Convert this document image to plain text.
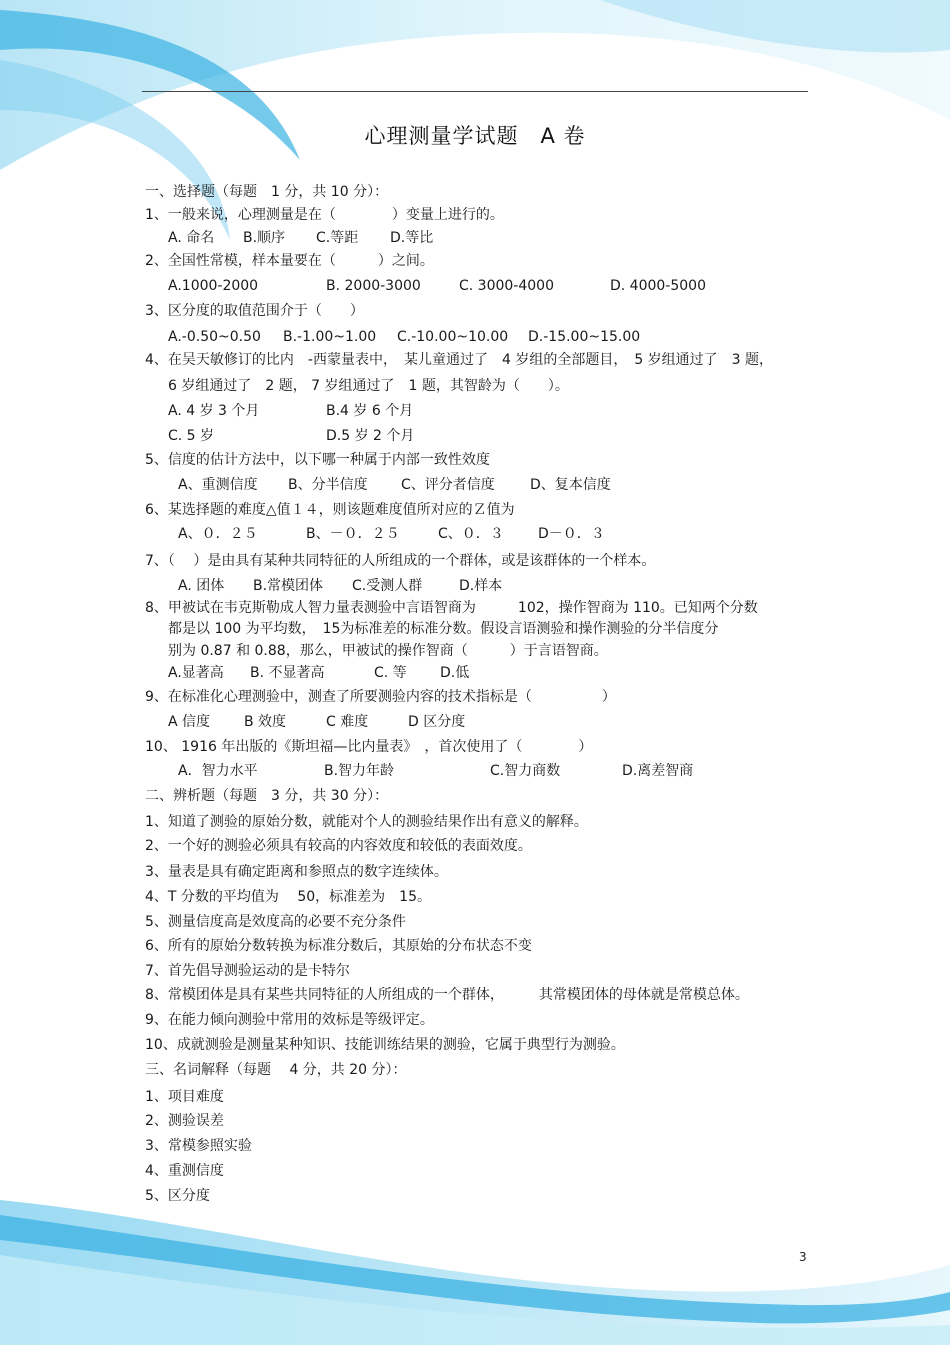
心理测量学试题　A 卷
一、选择题（每题　1 分，共 10 分）：
1、一般来说，心理测量是在（　　　　）变量上进行的。
A. 命名 B.顺序 C.等距 D.等比
2、全国性常模，样本量要在（　　　）之间。
A.1000-2000	B. 2000-3000	C. 3000-4000	D. 4000-5000
3、区分度的取值范围介于（　　）
A.-0.50~0.50 B.-1.00~1.00 C.-10.00~10.00 D.-15.00~15.00
4、在吴天敏修订的比内　-西蒙量表中，　某儿童通过了　4 岁组的全部题目，　5 岁组通过了　3 题，
6 岁组通过了　2 题， 7 岁组通过了　1 题，其智龄为（　　）。
A. 4 岁 3 个月	B.4 岁 6 个月
C. 5 岁	D.5 岁 2 个月
5、信度的估计方法中，以下哪一种属于内部一致性效度
A、重测信度 B、分半信度 C、评分者信度	D、复本信度
6、某选择题的难度△值１４，则该题难度值所对应的Ｚ值为
A、０．２５	B、－０．２５	C、０．３ D－０．３
7、（　 ）是由具有某种共同特征的人所组成的一个群体，或是该群体的一个样本。
A. 团体 B.常模团体 C.受测人群	D.样本
8、甲被试在韦克斯勒成人智力量表测验中言语智商为　　　102，操作智商为 110。已知两个分数
都是以 100 为平均数，　15为标准差的标准分数。假设言语测验和操作测验的分半信度分
别为 0.87 和 0.88，那么，甲被试的操作智商（　　　）于言语智商。
A.显著高 B. 不显著高	C. 等 D.低
9、在标准化心理测验中，测查了所要测验内容的技术指标是（　　　　　）
A 信度 B 效度	C 难度	D 区分度
10、 1916 年出版的《斯坦福—比内量表》　，首次使用了（　　　　）
A．智力水平	B.智力年龄	C.智力商数	D.离差智商
二、辨析题（每题　3 分，共 30 分）：
1、知道了测验的原始分数，就能对个人的测验结果作出有意义的解释。
2、一个好的测验必须具有较高的内容效度和较低的表面效度。
3、量表是具有确定距离和参照点的数字连续体。
4、T 分数的平均值为　 50，标准差为　15。
5、测量信度高是效度高的必要不充分条件
6、所有的原始分数转换为标准分数后，其原始的分布状态不变
7、首先倡导测验运动的是卡特尔
8、常模团体是具有某些共同特征的人所组成的一个群体，　　　其常模团体的母体就是常模总体。
9、在能力倾向测验中常用的效标是等级评定。
10、成就测验是测量某种知识、技能训练结果的测验，它属于典型行为测验。
三、名词解释（每题　 4 分，共 20 分）：
1、项目难度
2、测验误差
3、常模参照实验
4、重测信度
5、区分度
3
